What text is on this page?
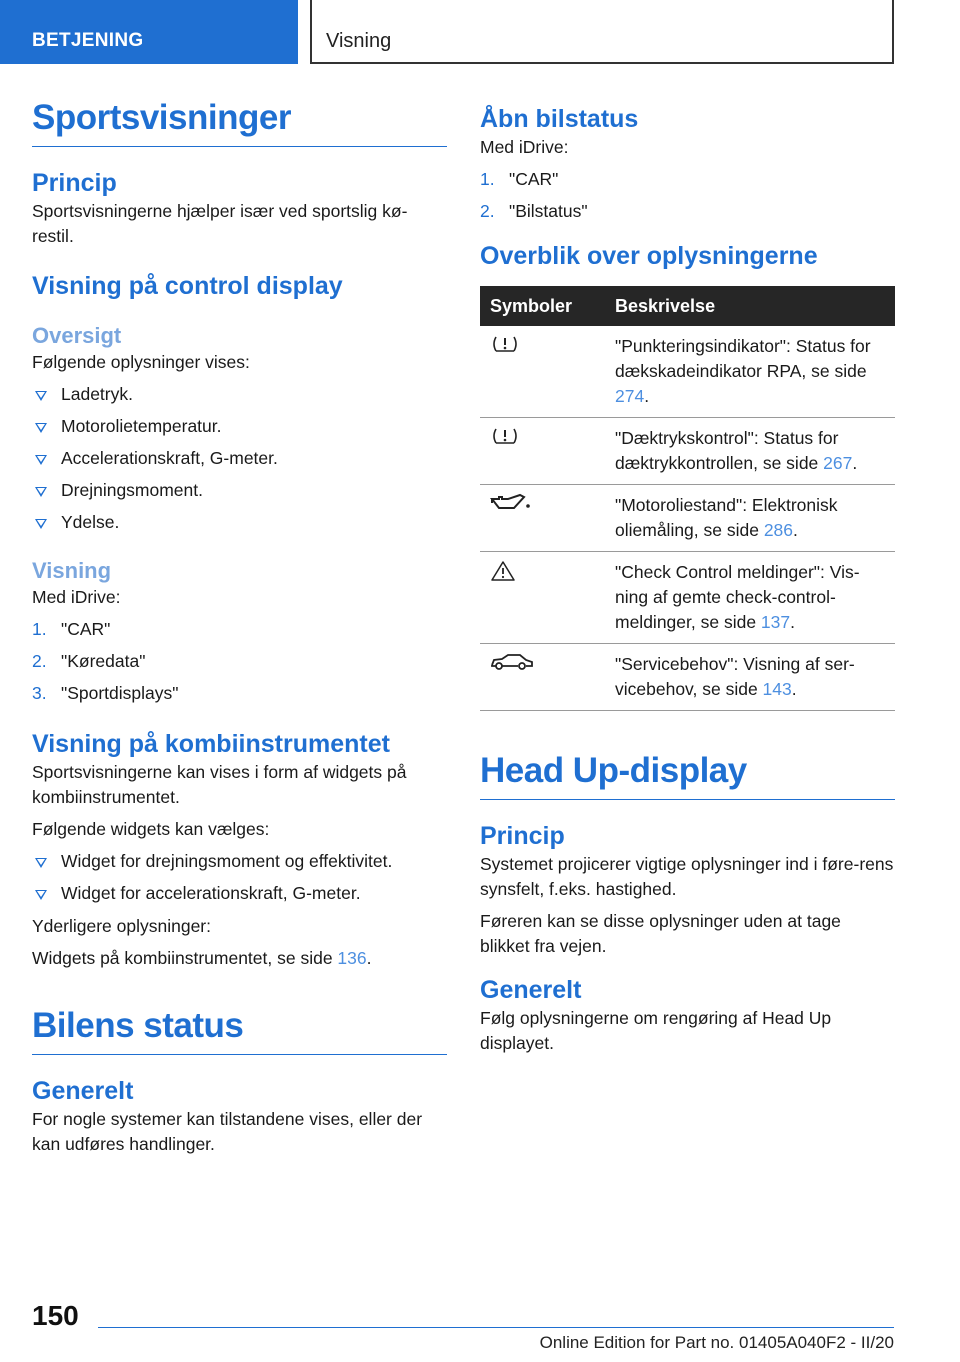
BETJENING	Visning
Sportsvisninger
Princip

Sportsvisningerne hjælper især ved sportslig kø-restil.

Visning på control display
Oversigt

Følgende oplysninger vises:

Ladetryk.
Motorolietemperatur.
Accelerationskraft, G-meter.
Drejningsmoment.
Ydelse.
Visning

Med iDrive:

1. "CAR"
2. "Køredata"
3. "Sportdisplays"
Visning på kombiinstrumentet

Sportsvisningerne kan vises i form af widgets på kombiinstrumentet.

Følgende widgets kan vælges:

Widget for drejningsmoment og effektivitet.
Widget for accelerationskraft, G-meter.

Yderligere oplysninger:

Widgets på kombiinstrumentet, se side 136.

Bilens status
Generelt

For nogle systemer kan tilstandene vises, eller der kan udføres handlinger.

Åbn bilstatus

Med iDrive:

1. "CAR"
2. "Bilstatus"
Overblik over oplysningerne
Symboler	Beskrivelse
	"Punkteringsindikator": Status for dækskadeindikator RPA, se side 274.
	"Dæktrykskontrol": Status for dæktrykkontrollen, se side 267.
	"Motoroliestand": Elektronisk oliemåling, se side 286.
	"Check Control meldinger": Vis-ning af gemte check-control-meldinger, se side 137.
	"Servicebehov": Visning af ser-vicebehov, se side 143.
Head Up-display
Princip

Systemet projicerer vigtige oplysninger ind i føre-rens synsfelt, f.eks. hastighed.

Føreren kan se disse oplysninger uden at tage blikket fra vejen.

Generelt

Følg oplysningerne om rengøring af Head Up displayet.

150
Online Edition for Part no. 01405A040F2 - II/20
